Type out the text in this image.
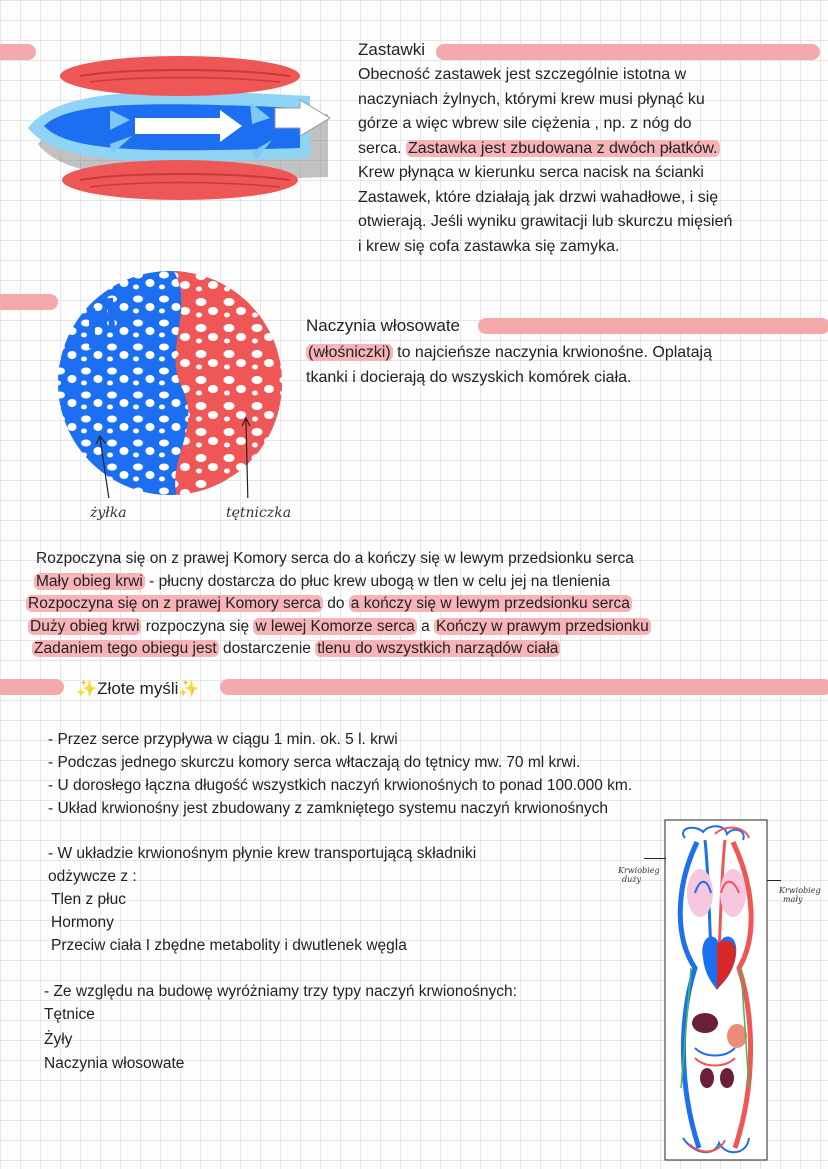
Zastawki
Obecność zastawek jest szczególnie istotna w
naczyniach żylnych, którymi krew musi płynąć ku
górze a więc wbrew sile ciężenia , np. z nóg do
serca. Zastawka jest zbudowana z dwóch płatków.
Krew płynąca w kierunku serca nacisk na ścianki
Zastawek, które działają jak drzwi wahadłowe, i się
otwierają. Jeśli wyniku grawitacji lub skurczu mięsień
i krew się cofa zastawka się zamyka.
żyłka	tętniczka
Naczynia włosowate
(włośniczki) to najcieńsze naczynia krwionośne. Oplatają
tkanki i docierają do wszyskich komórek ciała.
Rozpoczyna się on z prawej Komory serca do a kończy się w lewym przedsionku serca
Mały obieg krwi - płucny dostarcza do płuc krew ubogą w tlen w celu jej na tlenienia
Rozpoczyna się on z prawej Komory serca do a kończy się w lewym przedsionku serca
Duży obieg krwi rozpoczyna się w lewej Komorze serca a Kończy w prawym przedsionku
Zadaniem tego obiegu jest dostarczenie tlenu do wszystkich narządów ciała
✨Złote myśli✨
- Przez serce przypływa w ciągu 1 min. ok. 5 l. krwi
- Podczas jednego skurczu komory serca włtaczają do tętnicy mw. 70 ml krwi.
- U dorosłego łączna długość wszystkich naczyń krwionośnych to ponad 100.000 km.
- Układ krwionośny jest zbudowany z zamkniętego systemu naczyń krwionośnych
- W układzie krwionośnym płynie krew transportującą składniki
odżywcze z :
Tlen z płuc
Hormony
Przeciw ciała I zbędne metabolity i dwutlenek węgla
- Ze względu na budowę wyróżniamy trzy typy naczyń krwionośnych:
Tętnice
Żyły
Naczynia włosowate
Krwiobieg
duży
Krwiobieg
mały
